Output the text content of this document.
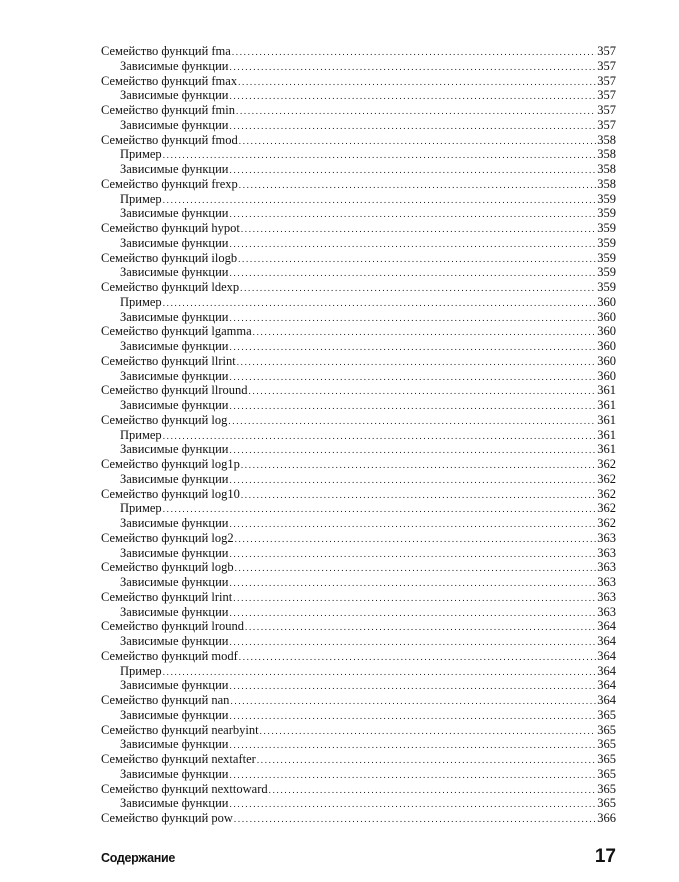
Семейство функций fma .....	357
Зависимые функции .....	357
Семейство функций fmax .....	357
Зависимые функции .....	357
Семейство функций fmin .....	357
Зависимые функции .....	357
Семейство функций fmod .....	358
Пример .....	358
Зависимые функции .....	358
Семейство функций frexp .....	358
Пример .....	359
Зависимые функции .....	359
Семейство функций hypot .....	359
Зависимые функции .....	359
Семейство функций ilogb .....	359
Зависимые функции .....	359
Семейство функций ldexp .....	359
Пример .....	360
Зависимые функции .....	360
Семейство функций lgamma .....	360
Зависимые функции .....	360
Семейство функций llrint .....	360
Зависимые функции .....	360
Семейство функций llround .....	361
Зависимые функции .....	361
Семейство функций log .....	361
Пример .....	361
Зависимые функции .....	361
Семейство функций log1p .....	362
Зависимые функции .....	362
Семейство функций log10 .....	362
Пример .....	362
Зависимые функции .....	362
Семейство функций log2 .....	363
Зависимые функции .....	363
Семейство функций logb .....	363
Зависимые функции .....	363
Семейство функций lrint .....	363
Зависимые функции .....	363
Семейство функций lround .....	364
Зависимые функции .....	364
Семейство функций modf .....	364
Пример .....	364
Зависимые функции .....	364
Семейство функций nan .....	364
Зависимые функции .....	365
Семейство функций nearbyint .....	365
Зависимые функции .....	365
Семейство функций nextafter .....	365
Зависимые функции .....	365
Семейство функций nexttoward .....	365
Зависимые функции .....	365
Семейство функций pow .....	366
Содержание	17
